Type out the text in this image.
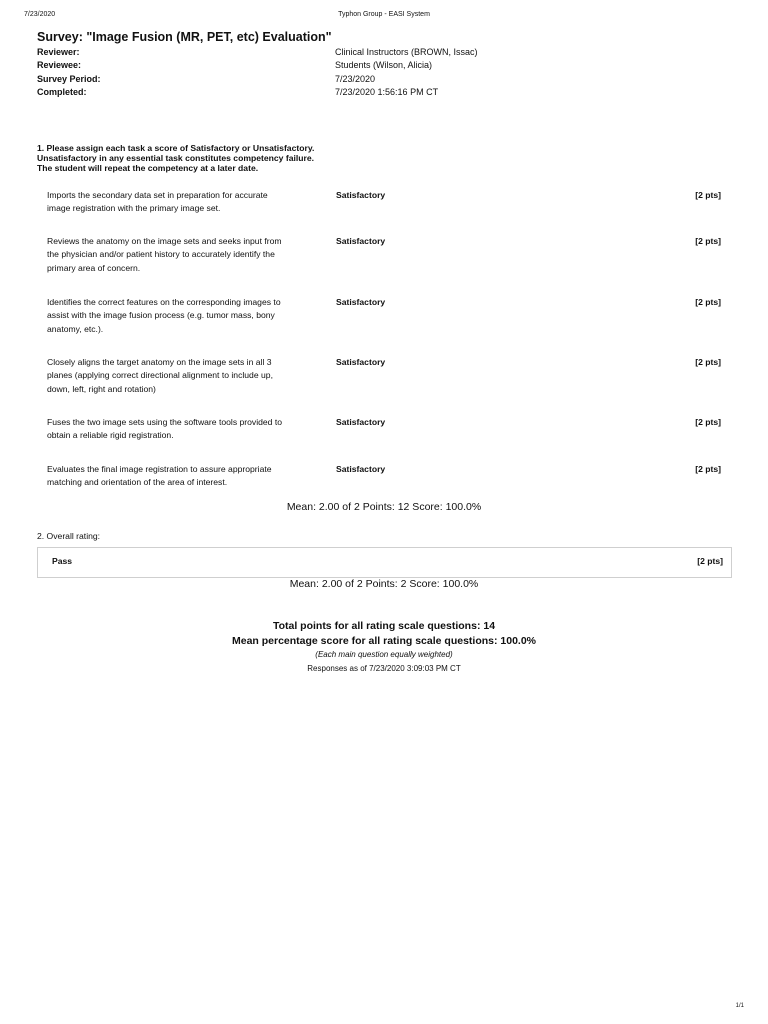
7/23/2020	Typhon Group - EASI System
Survey: "Image Fusion (MR, PET, etc) Evaluation"
Reviewer:	Clinical Instructors (BROWN, Issac)
Reviewee:	Students (Wilson, Alicia)
Survey Period:	7/23/2020
Completed:	7/23/2020 1:56:16 PM CT
1. Please assign each task a score of Satisfactory or Unsatisfactory.
Unsatisfactory in any essential task constitutes competency failure.
The student will repeat the competency at a later date.
Imports the secondary data set in preparation for accurate
image registration with the primary image set.
Satisfactory	[2 pts]
Reviews the anatomy on the image sets and seeks input from
the physician and/or patient history to accurately identify the
primary area of concern.
Satisfactory	[2 pts]
Identifies the correct features on the corresponding images to
assist with the image fusion process (e.g. tumor mass, bony
anatomy, etc.).
Satisfactory	[2 pts]
Closely aligns the target anatomy on the image sets in all 3
planes (applying correct directional alignment to include up,
down, left, right and rotation)
Satisfactory	[2 pts]
Fuses the two image sets using the software tools provided to
obtain a reliable rigid registration.
Satisfactory	[2 pts]
Evaluates the final image registration to assure appropriate
matching and orientation of the area of interest.
Satisfactory	[2 pts]
Mean: 2.00 of 2 Points: 12 Score: 100.0%
2. Overall rating:
Pass	[2 pts]
Mean: 2.00 of 2 Points: 2 Score: 100.0%
Total points for all rating scale questions: 14
Mean percentage score for all rating scale questions: 100.0%
(Each main question equally weighted)
Responses as of 7/23/2020 3:09:03 PM CT
1/1
